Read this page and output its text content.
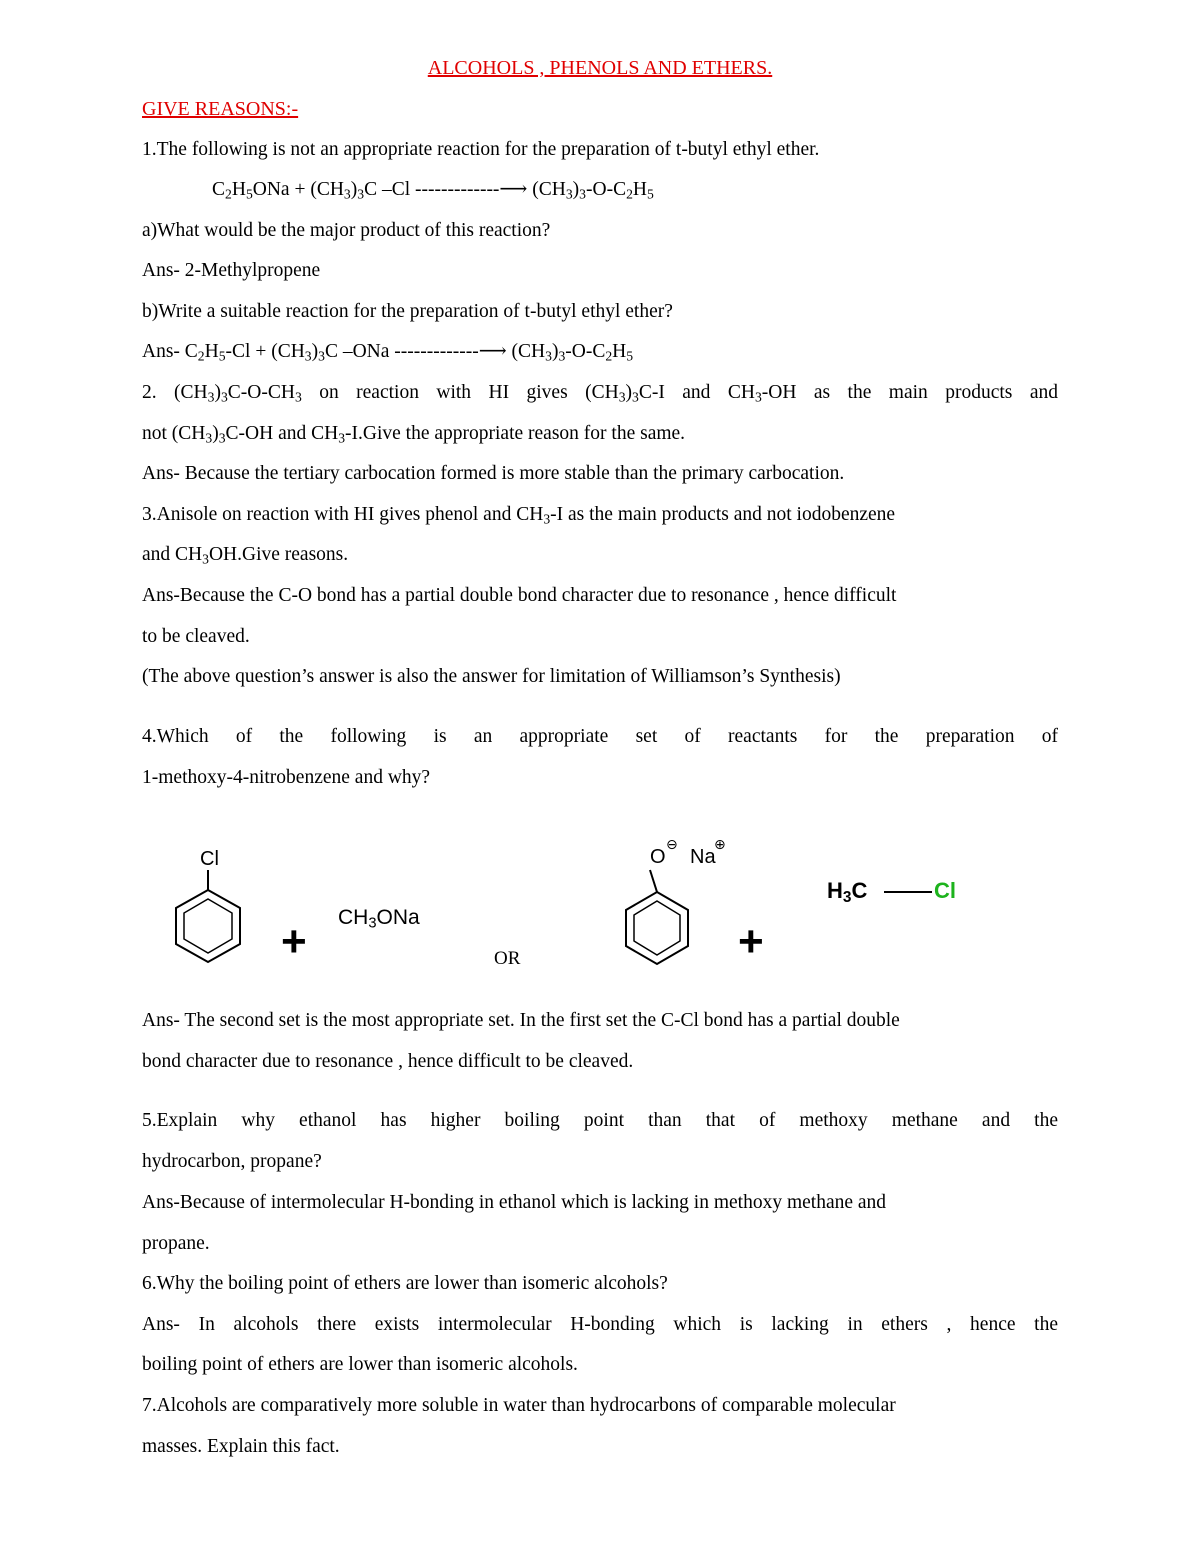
ALCOHOLS , PHENOLS AND ETHERS.
GIVE REASONS:-
1.The following is not an appropriate reaction for the preparation of t-butyl ethyl ether.
$C_2H_5ONa + (CH_3)_3C$ –Cl -------------⟶ $(CH_3)_3-O-C_2H_5$
a)What would be the major product of this reaction?
Ans- 2-Methylpropene
b)Write a suitable reaction for the preparation of t-butyl ethyl ether?
Ans- $C_2H_5-Cl + (CH_3)_3C$ –ONa -------------⟶ $(CH_3)_3-O-C_2H_5$
2. $(CH_3)_3C-O-CH_3$ on reaction with HI gives $(CH_3)_3C-I$ and $CH_3-OH$ as the main products and
not $(CH_3)_3C-OH$ and $CH_3-I.Give$ the appropriate reason for the same.
Ans- Because the tertiary carbocation formed is more stable than the primary carbocation.
3.Anisole on reaction with HI gives phenol and $CH_3-I$ as the main products and not iodobenzene
and $CH_3OH.Give$ reasons.
Ans-Because the C-O bond has a partial double bond character due to resonance , hence difficult
to be cleaved.
(The above question’s answer is also the answer for limitation of Williamson’s Synthesis)
4.Which of the following is an appropriate set of reactants for the preparation of
1-methoxy-4-nitrobenzene and why?
Cl
+ $CH_3ONa$
OR
O
⊖
Na
⊕
+
$H_3C$	Cl
Ans- The second set is the most appropriate set. In the first set the C-Cl bond has a partial double
bond character due to resonance , hence difficult to be cleaved.
5.Explain why ethanol has higher boiling point than that of methoxy methane and the
hydrocarbon, propane?
Ans-Because of intermolecular H-bonding in ethanol which is lacking in methoxy methane and
propane.
6.Why the boiling point of ethers are lower than isomeric alcohols?
Ans- In alcohols there exists intermolecular H-bonding which is lacking in ethers , hence the
boiling point of ethers are lower than isomeric alcohols.
7.Alcohols are comparatively more soluble in water than hydrocarbons of comparable molecular
masses. Explain this fact.
